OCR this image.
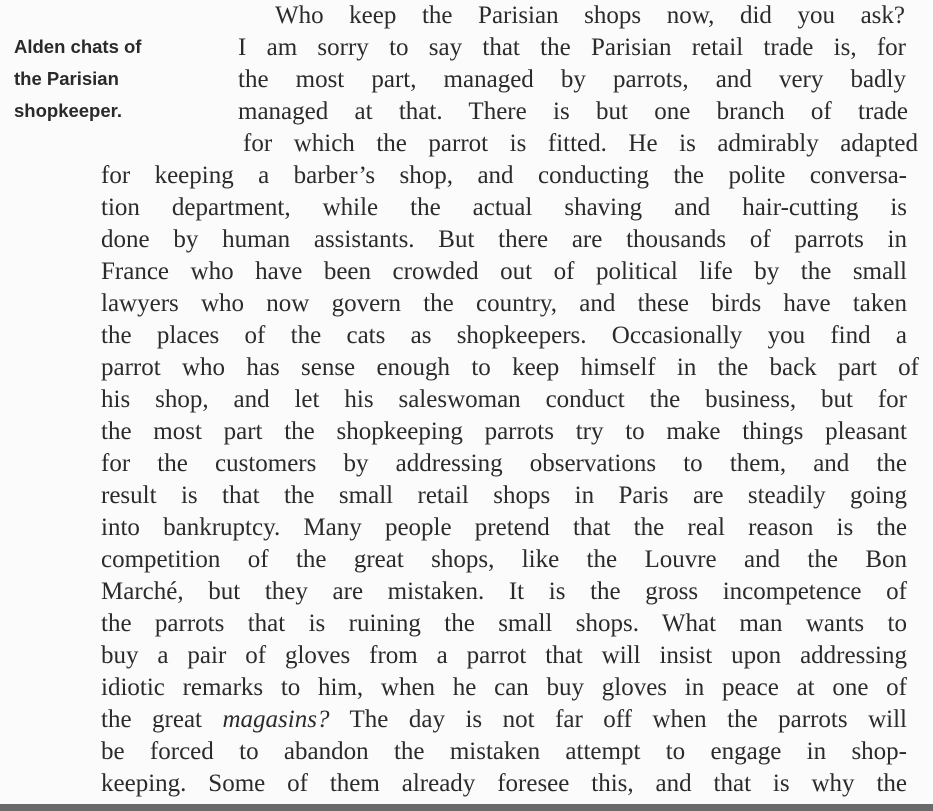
Alden chats of
the Parisian
shopkeeper.
Who keep the Parisian shops now, did you ask?
I am sorry to say that the Parisian retail trade is, for
the most part, managed by parrots, and very badly
managed at that. There is but one branch of trade
for which the parrot is fitted. He is admirably adapted
for keeping a barber’s shop, and conducting the polite conversa-
tion department, while the actual shaving and hair-cutting is
done by human assistants. But there are thousands of parrots in
France who have been crowded out of political life by the small
lawyers who now govern the country, and these birds have taken
the places of the cats as shopkeepers. Occasionally you find a
parrot who has sense enough to keep himself in the back part of
his shop, and let his saleswoman conduct the business, but for
the most part the shopkeeping parrots try to make things pleasant
for the customers by addressing observations to them, and the
result is that the small retail shops in Paris are steadily going
into bankruptcy. Many people pretend that the real reason is the
competition of the great shops, like the Louvre and the Bon
Marché, but they are mistaken. It is the gross incompetence of
the parrots that is ruining the small shops. What man wants to
buy a pair of gloves from a parrot that will insist upon addressing
idiotic remarks to him, when he can buy gloves in peace at one of
the great magasins? The day is not far off when the parrots will
be forced to abandon the mistaken attempt to engage in shop-
keeping. Some of them already foresee this, and that is why the
